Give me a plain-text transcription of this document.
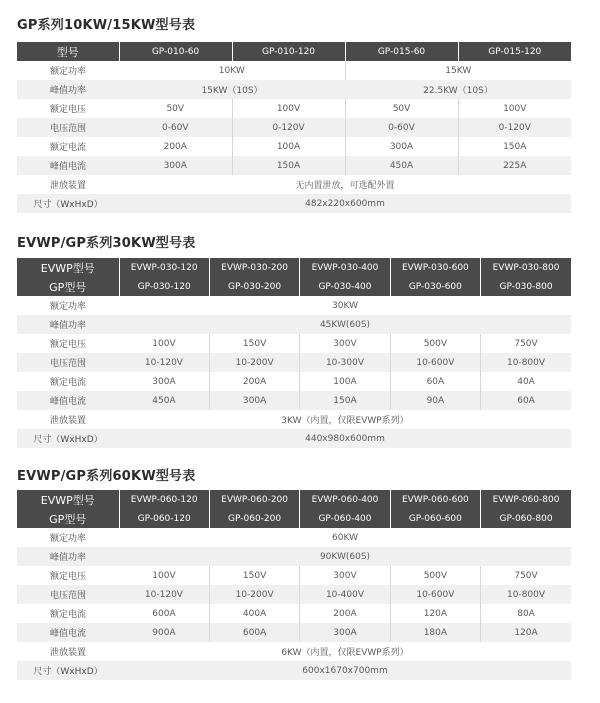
GP系列10KW/15KW型号表
型号	GP-010-60	GP-010-120	GP-015-60	GP-015-120
额定功率	10KW		15KW	
峰值功率	15KW（10S）		22.5KW（10S）	
额定电压	50V	100V	50V	100V
电压范围	0-60V	0-120V	0-60V	0-120V
额定电流	200A	100A	300A	150A
峰值电流	300A	150A	450A	225A
泄放装置	无内置泄放，可选配外置			
尺寸（WxHxD）	482x220x600mm			
EVWP/GP系列30KW型号表
EVWP型号	EVWP-030-120	EVWP-030-200	EVWP-030-400	EVWP-030-600	EVWP-030-800
GP型号	GP-030-120	GP-030-200	GP-030-400	GP-030-600	GP-030-800
额定功率	30KW				
峰值功率	45KW(60S)				
额定电压	100V	150V	300V	500V	750V
电压范围	10-120V	10-200V	10-300V	10-600V	10-800V
额定电流	300A	200A	100A	60A	40A
峰值电流	450A	300A	150A	90A	60A
泄放装置	3KW（内置，仅限EVWP系列）				
尺寸（WxHxD）	440x980x600mm				
EVWP/GP系列60KW型号表
EVWP型号	EVWP-060-120	EVWP-060-200	EVWP-060-400	EVWP-060-600	EVWP-060-800
GP型号	GP-060-120	GP-060-200	GP-060-400	GP-060-600	GP-060-800
额定功率	60KW				
峰值功率	90KW(60S)				
额定电压	100V	150V	300V	500V	750V
电压范围	10-120V	10-200V	10-400V	10-600V	10-800V
额定电流	600A	400A	200A	120A	80A
峰值电流	900A	600A	300A	180A	120A
泄放装置	6KW（内置，仅限EVWP系列）				
尺寸（WxHxD）	600x1670x700mm				
